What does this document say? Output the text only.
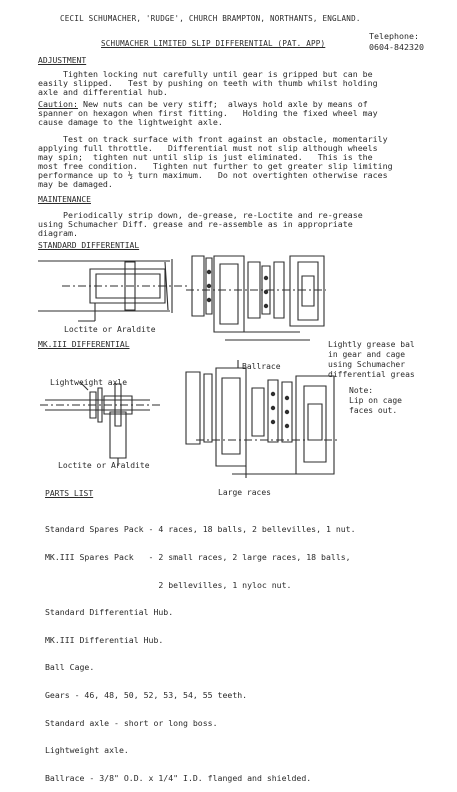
CECIL SCHUMACHER, 'RUDGE', CHURCH BRAMPTON, NORTHANTS, ENGLAND.
SCHUMACHER LIMITED SLIP DIFFERENTIAL (PAT. APP)
Telephone:
0604-842320
ADJUSTMENT
Tighten locking nut carefully until gear is gripped but can be
easily slipped.   Test by pushing on teeth with thumb whilst holding
axle and differential hub.
Caution: New nuts can be very stiff;  always hold axle by means of
spanner on hexagon when first fitting.   Holding the fixed wheel may
cause damage to the lightweight axle.
Test on track surface with front against an obstacle, momentarily
applying full throttle.   Differential must not slip although wheels
may spin;  tighten nut until slip is just eliminated.   This is the
most free condition.   Tighten nut further to get greater slip limiting
performance up to ½ turn maximum.   Do not overtighten otherwise races
may be damaged.
MAINTENANCE
Periodically strip down, de-grease, re-Loctite and re-grease
using Schumacher Diff. grease and re-assemble as in appropriate
diagram.
STANDARD DIFFERENTIAL
Loctite or Araldite
MK.III DIFFERENTIAL
Lightweight axle
Loctite or Araldite
Ballrace
Large races
Lightly grease bal
in gear and cage
using Schumacher
differential greas
Note:
Lip on cage
faces out.
PARTS LIST

Standard Spares Pack - 4 races, 18 balls, 2 bellevilles, 1 nut.

MK.III Spares Pack   - 2 small races, 2 large races, 18 balls,

2 bellevilles, 1 nyloc nut.

Standard Differential Hub.

MK.III Differential Hub.

Ball Cage.

Gears - 46, 48, 50, 52, 53, 54, 55 teeth.

Standard axle - short or long boss.

Lightweight axle.

Ballrace - 3/8" O.D. x 1/4" I.D. flanged and shielded.
